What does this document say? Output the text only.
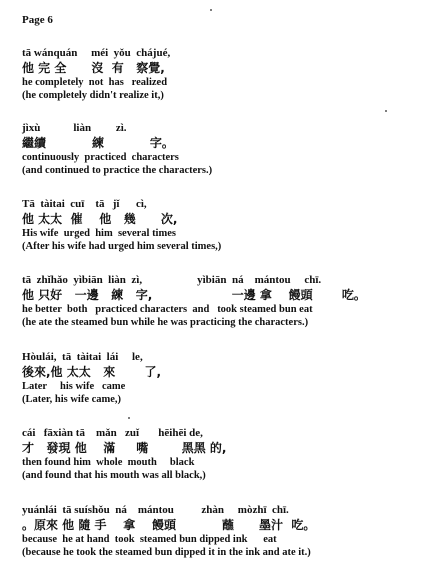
Page 6
tā wánquán     méi  yǒu  chájué,
他 完 全      沒  有   察覺,
he completely  not  has   realized
(he completely didn't realize it,)
jìxù            liàn         zì.
繼續           練           字。
continuously  practiced  characters
(and continued to practice the characters.)
Tā  tàitai  cuī    tā   jǐ      cì,
他 太太  催    他   幾      次,
His wife  urged  him  several times
(After his wife had urged him several times,)
tā  zhǐhǎo  yìbiān  liàn  zì,                    yìbiān  ná    mántou     chī.
他 只好   一邊   練   字,                   一邊 拿    饅頭       吃。
he better  both   practiced characters  and   took steamed bun eat
(he ate the steamed bun while he was practicing the characters.)
Hòulái,  tā  tàitai  lái     le,
後來,他 太太   來       了,
Later     his wife   came
(Later, his wife came,)
cái   fāxiàn tā    mǎn   zuǐ       hēihēi de,
才   發現 他    滿     嘴        黑黑 的,
then found him  whole  mouth     black
(and found that his mouth was all black,)
yuánlái  tā suíshǒu  ná    mántou          zhàn     mòzhī  chī.
。原來 他 隨 手    拿    饅頭           蘸      墨汁  吃。
because  he at hand  took  steamed bun dipped ink      eat
(because he took the steamed bun dipped it in the ink and ate it.)
